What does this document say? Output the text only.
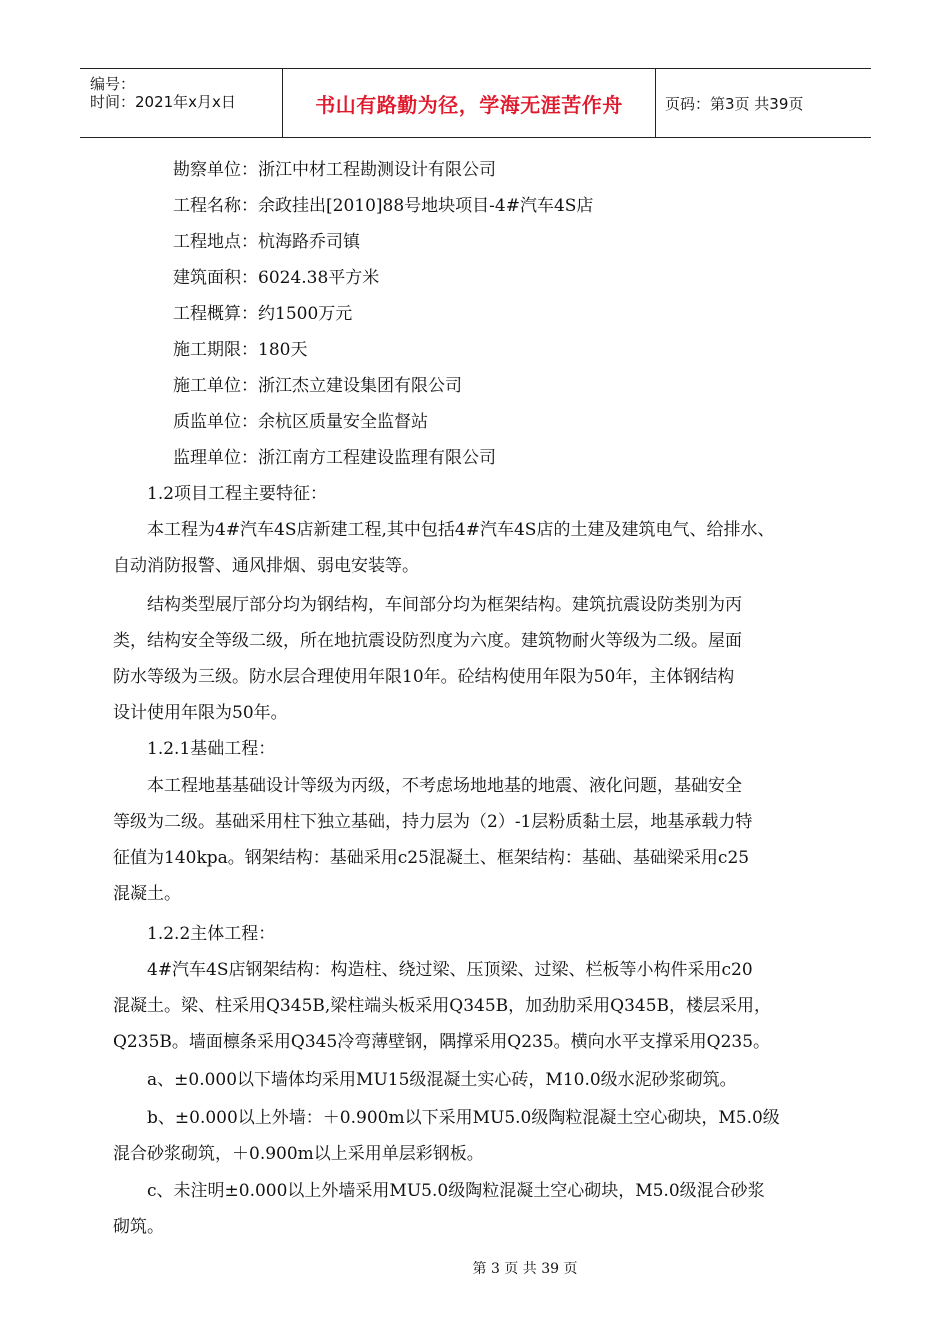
编号：
时间：2021年x月x日	书山有路勤为径，学海无涯苦作舟	页码：第3页 共39页
勘察单位：浙江中材工程勘测设计有限公司
工程名称：余政挂出[2010]88号地块项目-4#汽车4S店
工程地点：杭海路乔司镇
建筑面积：6024.38平方米
工程概算：约1500万元
施工期限：180天
施工单位：浙江杰立建设集团有限公司
质监单位：余杭区质量安全监督站
监理单位：浙江南方工程建设监理有限公司
1.2项目工程主要特征：
本工程为4#汽车4S店新建工程,其中包括4#汽车4S店的土建及建筑电气、给排水、
自动消防报警、通风排烟、弱电安装等。
结构类型展厅部分均为钢结构，车间部分均为框架结构。建筑抗震设防类别为丙
类，结构安全等级二级，所在地抗震设防烈度为六度。建筑物耐火等级为二级。屋面
防水等级为三级。防水层合理使用年限10年。砼结构使用年限为50年，主体钢结构
设计使用年限为50年。
1.2.1基础工程：
本工程地基基础设计等级为丙级，不考虑场地地基的地震、液化问题，基础安全
等级为二级。基础采用柱下独立基础，持力层为（2）-1层粉质黏土层，地基承载力特
征值为140kpa。钢架结构：基础采用c25混凝土、框架结构：基础、基础梁采用c25
混凝土。
1.2.2主体工程：
4#汽车4S店钢架结构：构造柱、绕过梁、压顶梁、过梁、栏板等小构件采用c20
混凝土。梁、柱采用Q345B,梁柱端头板采用Q345B，加劲肋采用Q345B，楼层采用，
Q235B。墙面檩条采用Q345冷弯薄壁钢，隅撑采用Q235。横向水平支撑采用Q235。
a、±0.000以下墙体均采用MU15级混凝土实心砖，M10.0级水泥砂浆砌筑。
b、±0.000以上外墙：＋0.900m以下采用MU5.0级陶粒混凝土空心砌块，M5.0级
混合砂浆砌筑，＋0.900m以上采用单层彩钢板。
c、未注明±0.000以上外墙采用MU5.0级陶粒混凝土空心砌块，M5.0级混合砂浆
砌筑。
第 3 页 共 39 页
